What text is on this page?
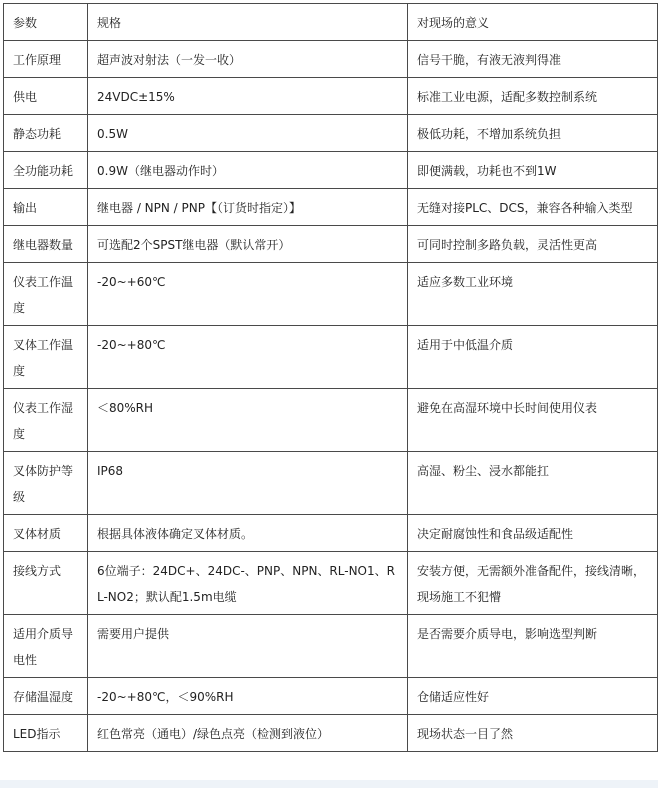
参数	规格	对现场的意义
工作原理	超声波对射法（一发一收）	信号干脆，有液无液判得准
供电	24VDC±15%	标准工业电源，适配多数控制系统
静态功耗	0.5W	极低功耗，不增加系统负担
全功能功耗	0.9W（继电器动作时）	即便满载，功耗也不到1W
输出	继电器 / NPN / PNP【（订货时指定）】	无缝对接PLC、DCS，兼容各种输入类型
继电器数量	可选配2个SPST继电器（默认常开）	可同时控制多路负载，灵活性更高
仪表工作温度	-20~+60℃	适应多数工业环境
叉体工作温度	-20~+80℃	适用于中低温介质
仪表工作湿度	＜80%RH	避免在高湿环境中长时间使用仪表
叉体防护等级	IP68	高湿、粉尘、浸水都能扛
叉体材质	根据具体液体确定叉体材质。	决定耐腐蚀性和食品级适配性
接线方式	6位端子：24DC+、24DC-、PNP、NPN、RL-NO1、RL-NO2；默认配1.5m电缆	安装方便，无需额外准备配件，接线清晰，现场施工不犯懵
适用介质导电性	需要用户提供	是否需要介质导电，影响选型判断
存储温湿度	-20~+80℃，＜90%RH	仓储适应性好
LED指示	红色常亮（通电）/绿色点亮（检测到液位）	现场状态一目了然
